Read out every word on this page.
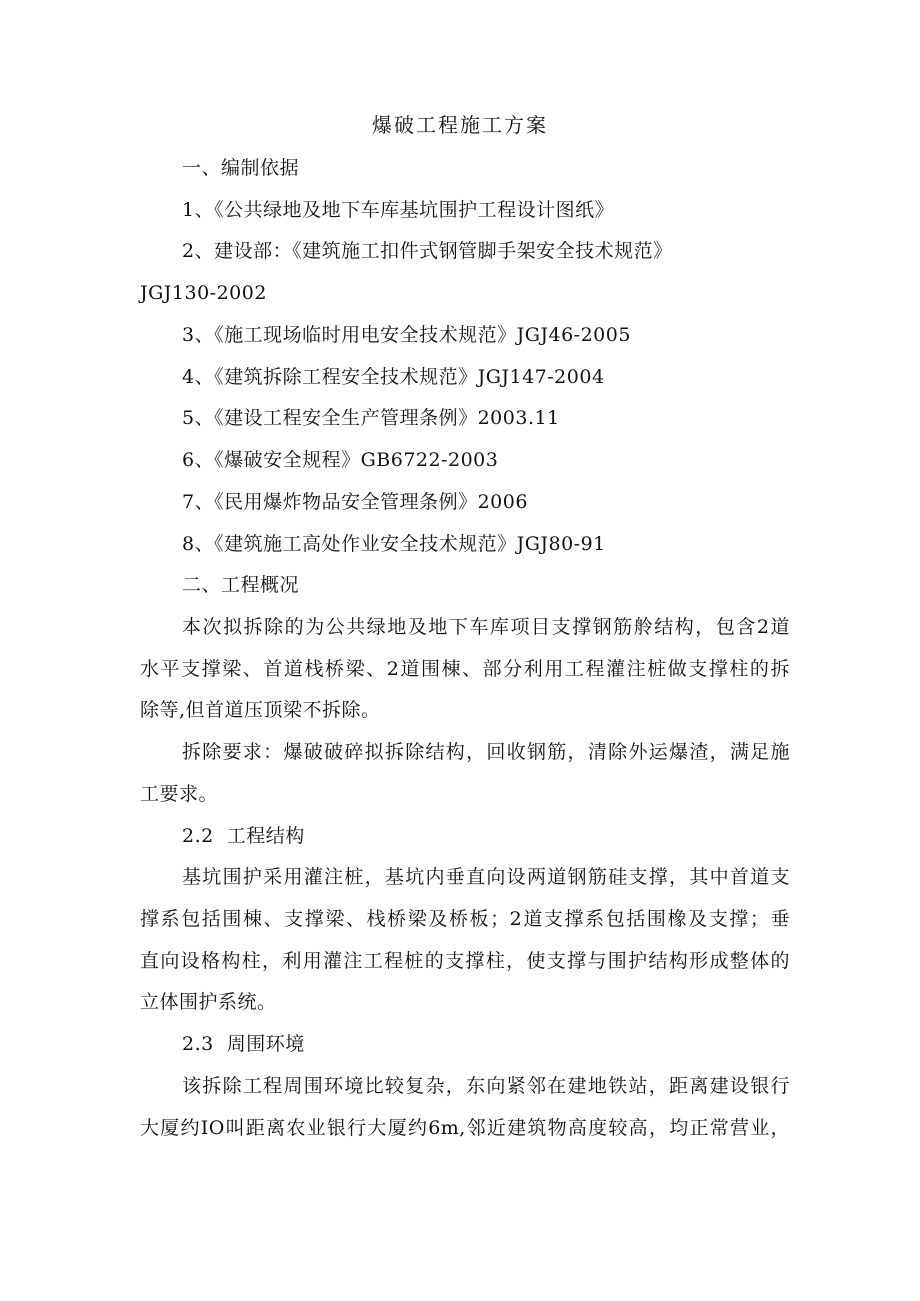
爆破工程施工方案
一、编制依据
1、《公共绿地及地下车库基坑围护工程设计图纸》
2、建设部：《建筑施工扣件式钢管脚手架安全技术规范》
JGJ130-2002
3、《施工现场临时用电安全技术规范》JGJ46-2005
4、《建筑拆除工程安全技术规范》JGJ147-2004
5、《建设工程安全生产管理条例》2003.11
6、《爆破安全规程》GB6722-2003
7、《民用爆炸物品安全管理条例》2006
8、《建筑施工高处作业安全技术规范》JGJ80-91
二、工程概况
本次拟拆除的为公共绿地及地下车库项目支撑钢筋舲结构，包含2道
水平支撑梁、首道栈桥梁、2道围棟、部分利用工程灌注桩做支撑柱的拆
除等,但首道压顶梁不拆除。
拆除要求：爆破破碎拟拆除结构，回收钢筋，清除外运爆渣，满足施
工要求。
2.2  工程结构
基坑围护采用灌注桩，基坑内垂直向设两道钢筋硅支撑，其中首道支
撑系包括围棟、支撑梁、栈桥梁及桥板；2道支撑系包括围橡及支撑；垂
直向设格构柱，利用灌注工程桩的支撑柱，使支撑与围护结构形成整体的
立体围护系统。
2.3  周围环境
该拆除工程周围环境比较复杂，东向紧邻在建地铁站，距离建设银行
大厦约IO叫距离农业银行大厦约6m,邻近建筑物高度较高，均正常营业，
